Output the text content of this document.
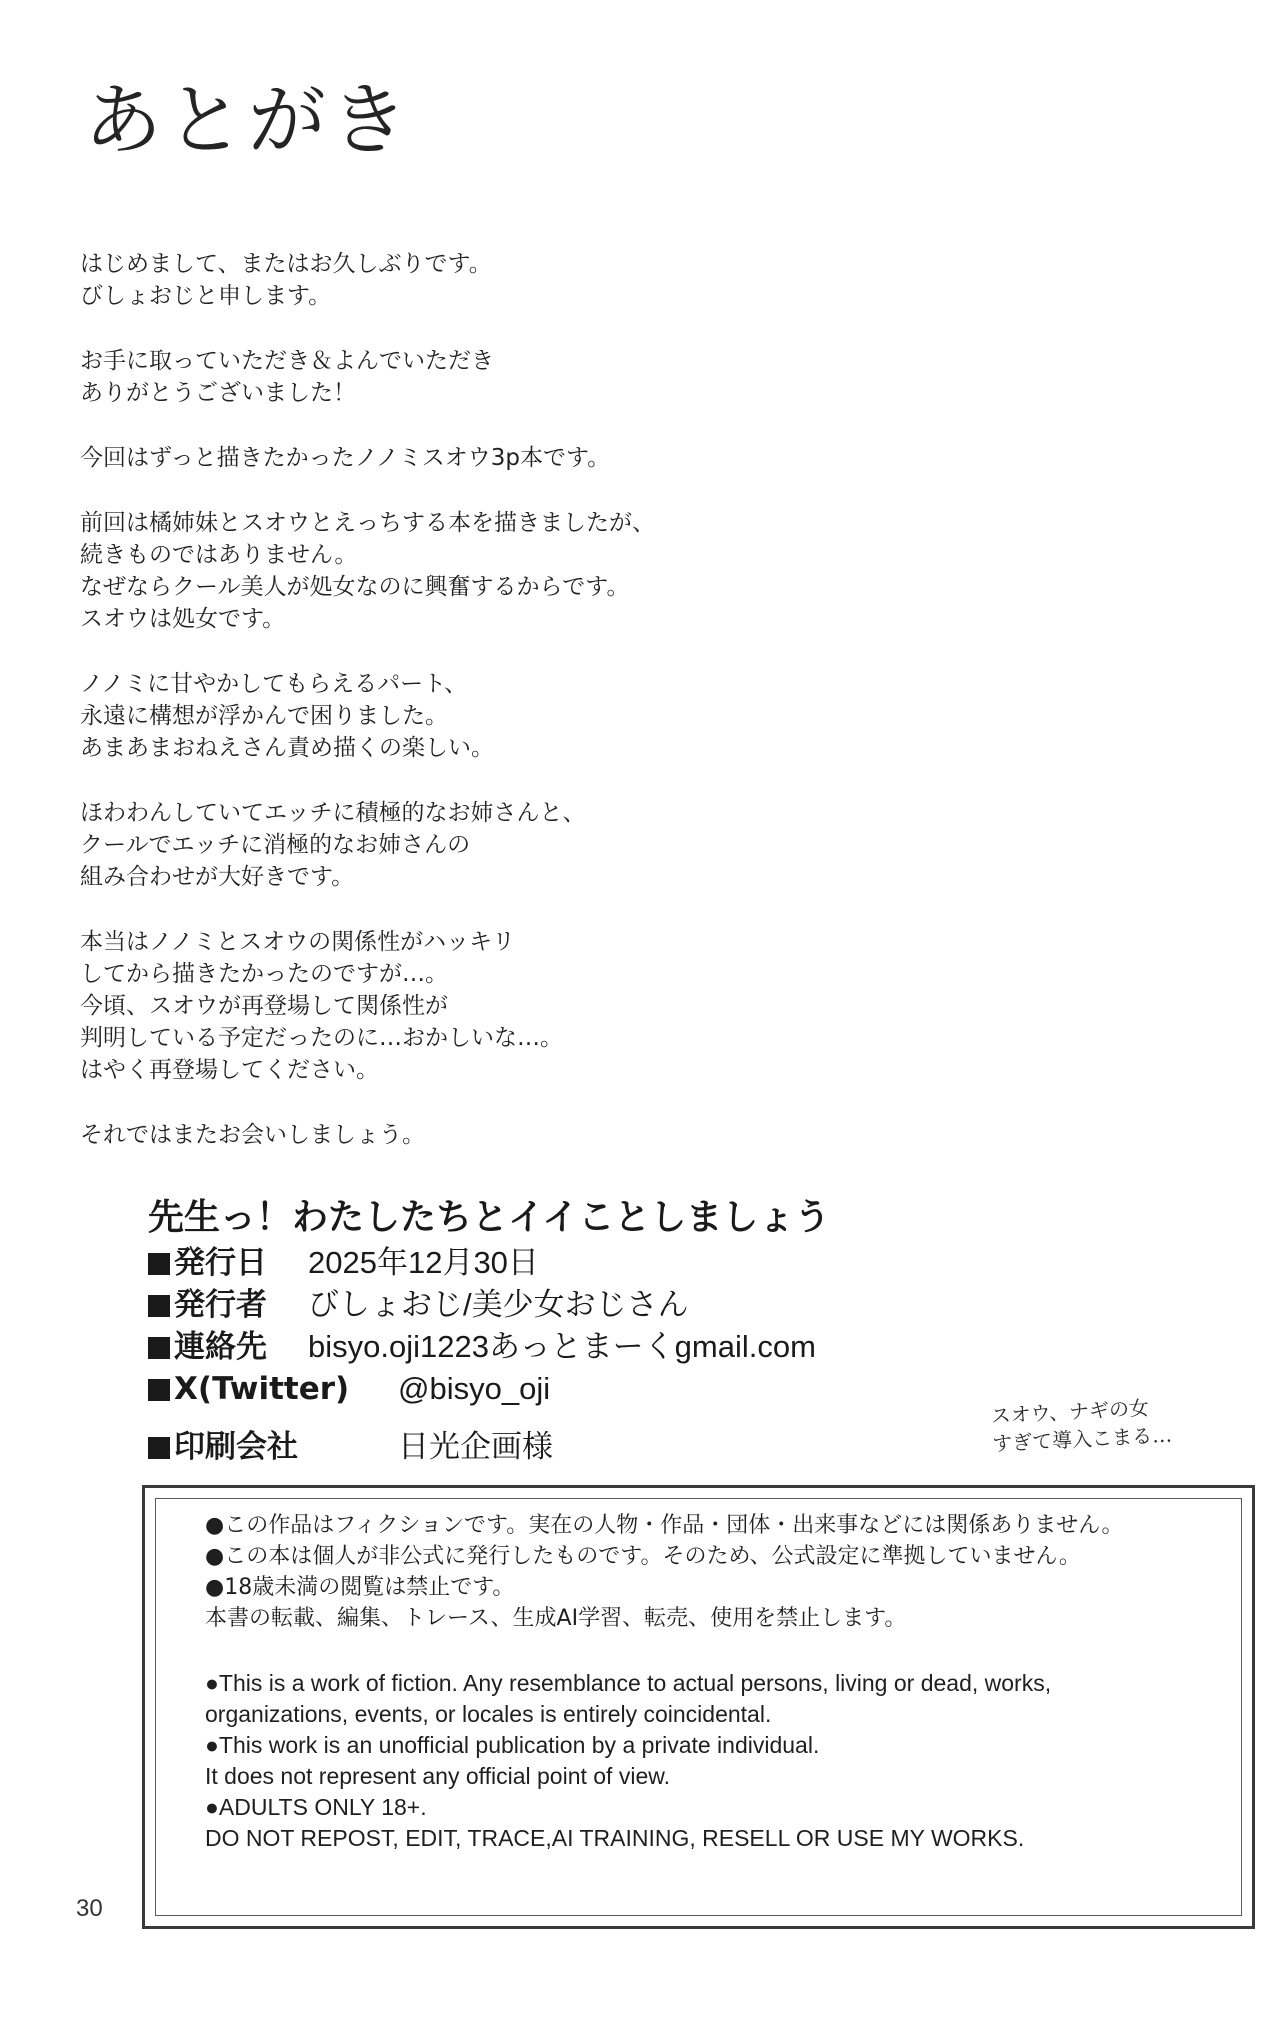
あとがき
はじめまして、またはお久しぶりです。
びしょおじと申します。
お手に取っていただき＆よんでいただき
ありがとうございました！
今回はずっと描きたかったノノミスオウ3p本です。
前回は橘姉妹とスオウとえっちする本を描きましたが、
続きものではありません。
なぜならクール美人が処女なのに興奮するからです。
スオウは処女です。
ノノミに甘やかしてもらえるパート、
永遠に構想が浮かんで困りました。
あまあまおねえさん責め描くの楽しい。
ほわわんしていてエッチに積極的なお姉さんと、
クールでエッチに消極的なお姉さんの
組み合わせが大好きです。
本当はノノミとスオウの関係性がハッキリ
してから描きたかったのですが…。
今頃、スオウが再登場して関係性が
判明している予定だったのに…おかしいな…。
はやく再登場してください。
それではまたお会いしましょう。
先生っ！わたしたちとイイことしましょう
発行日	2025年12月30日
発行者	びしょおじ/美少女おじさん
連絡先	bisyo.oji1223あっとまーくgmail.com
X(Twitter)	@bisyo_oji
印刷会社	日光企画様
スオウ、ナギの女
すぎて導入こまる…
●この作品はフィクションです。実在の人物・作品・団体・出来事などには関係ありません。
●この本は個人が非公式に発行したものです。そのため、公式設定に準拠していません。
●18歳未満の閲覧は禁止です。
本書の転載、編集、トレース、生成AI学習、転売、使用を禁止します。
●This is a work of fiction. Any resemblance to actual persons, living or dead, works,
organizations, events, or locales is entirely coincidental.
●This work is an unofficial publication by a private individual.
It does not represent any official point of view.
●ADULTS ONLY 18+.
DO NOT REPOST, EDIT, TRACE,AI TRAINING, RESELL OR USE MY WORKS.
30
